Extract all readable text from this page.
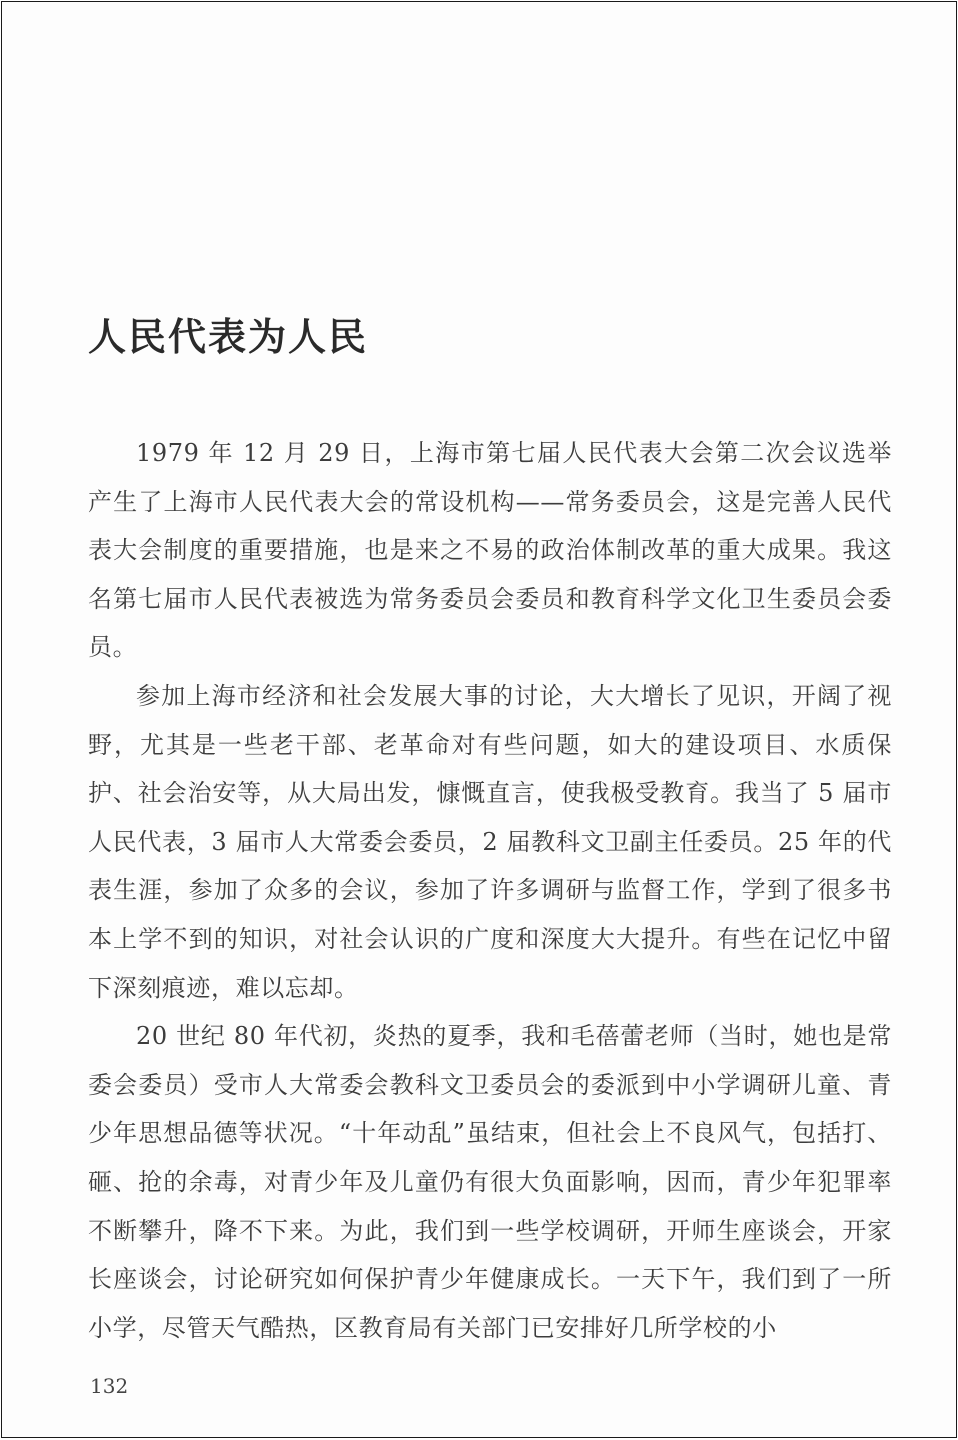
人民代表为人民

1979 年 12 月 29 日，上海市第七届人民代表大会第二次会议选举产生了上海市人民代表大会的常设机构——常务委员会，这是完善人民代表大会制度的重要措施，也是来之不易的政治体制改革的重大成果。我这名第七届市人民代表被选为常务委员会委员和教育科学文化卫生委员会委员。

参加上海市经济和社会发展大事的讨论，大大增长了见识，开阔了视野，尤其是一些老干部、老革命对有些问题，如大的建设项目、水质保护、社会治安等，从大局出发，慷慨直言，使我极受教育。我当了 5 届市人民代表，3 届市人大常委会委员，2 届教科文卫副主任委员。25 年的代表生涯，参加了众多的会议，参加了许多调研与监督工作，学到了很多书本上学不到的知识，对社会认识的广度和深度大大提升。有些在记忆中留下深刻痕迹，难以忘却。

20 世纪 80 年代初，炎热的夏季，我和毛蓓蕾老师（当时，她也是常委会委员）受市人大常委会教科文卫委员会的委派到中小学调研儿童、青少年思想品德等状况。“十年动乱”虽结束，但社会上不良风气，包括打、砸、抢的余毒，对青少年及儿童仍有很大负面影响，因而，青少年犯罪率不断攀升，降不下来。为此，我们到一些学校调研，开师生座谈会，开家长座谈会，讨论研究如何保护青少年健康成长。一天下午，我们到了一所小学，尽管天气酷热，区教育局有关部门已安排好几所学校的小

132
